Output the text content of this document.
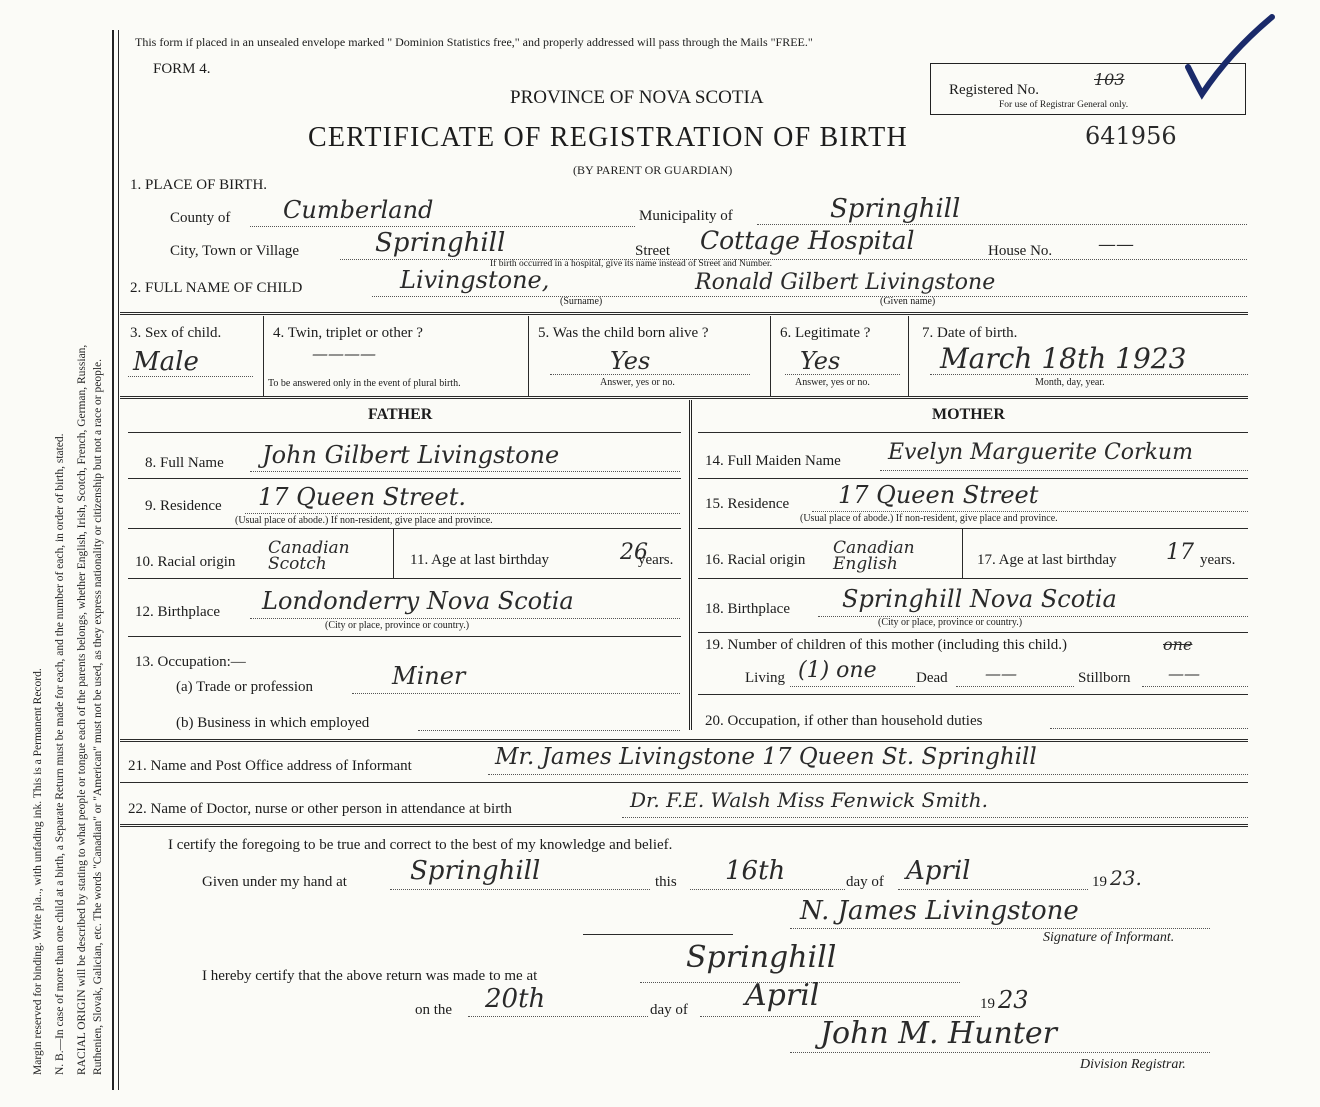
Margin reserved for binding. Write pla.., with unfading ink. This is a Permanent Record. N. B.—In case of more than one child at a birth, a Separate Return must be made for each, and the number of each, in order of birth, stated. RACIAL ORIGIN will be described by stating to what people or tongue each of the parents belongs, whether English, Irish, Scotch, French, German, Russian, Ruthenien, Slovak, Galician, etc. The words "Canadian" or "American" must not be used, as they express nationality or citizenship but not a race or people.
This form if placed in an unsealed envelope marked " Dominion Statistics free," and properly addressed will pass through the Mails "FREE."
FORM 4.
PROVINCE OF NOVA SCOTIA
CERTIFICATE OF REGISTRATION OF BIRTH	641956
(BY PARENT OR GUARDIAN)
Registered No.
103
For use of Registrar General only.
1. PLACE OF BIRTH.
County of Cumberland	Municipality of	Springhill
City, Town or Village	Springhill	Street Cottage Hospital	House No.	——
If birth occurred in a hospital, give its name instead of Street and Number.
2. FULL NAME OF CHILD	Livingstone,	Ronald Gilbert Livingstone
(Surname)	(Given name)
3. Sex of child.
Male
4. Twin, triplet or other ?
————
To be answered only in the event of plural birth.
5. Was the child born alive ?
Yes
Answer, yes or no.
6. Legitimate ?
Yes
Answer, yes or no.
7. Date of birth.
March 18th 1923
Month, day, year.
FATHER	MOTHER
8. Full Name John Gilbert Livingstone
9. Residence 17 Queen Street.
(Usual place of abode.) If non-resident, give place and province.
10. Racial origin
Canadian Scotch	11. Age at last birthday	26
years.
12. Birthplace Londonderry Nova Scotia
(City or place, province or country.)
13. Occupation:—
(a) Trade or profession	Miner
(b) Business in which employed
14. Full Maiden Name Evelyn Marguerite Corkum
15. Residence 17 Queen Street
(Usual place of abode.) If non-resident, give place and province.
16. Racial origin
Canadian English	17. Age at last birthday 17 years.
18. Birthplace Springhill Nova Scotia
(City or place, province or country.)
19. Number of children of this mother (including this child.)	one
Living (1) one	Dead ——	Stillborn ——
20. Occupation, if other than household duties
21. Name and Post Office address of Informant	Mr. James Livingstone 17 Queen St. Springhill
22. Name of Doctor, nurse or other person in attendance at birth	Dr. F.E. Walsh Miss Fenwick Smith.
I certify the foregoing to be true and correct to the best of my knowledge and belief.
Given under my hand at Springhill	this 16th	day of April	19 23.
N. James Livingstone
Signature of Informant.
I hereby certify that the above return was made to me at
Springhill
on the 20th	day of April	19 23
John M. Hunter
Division Registrar.
